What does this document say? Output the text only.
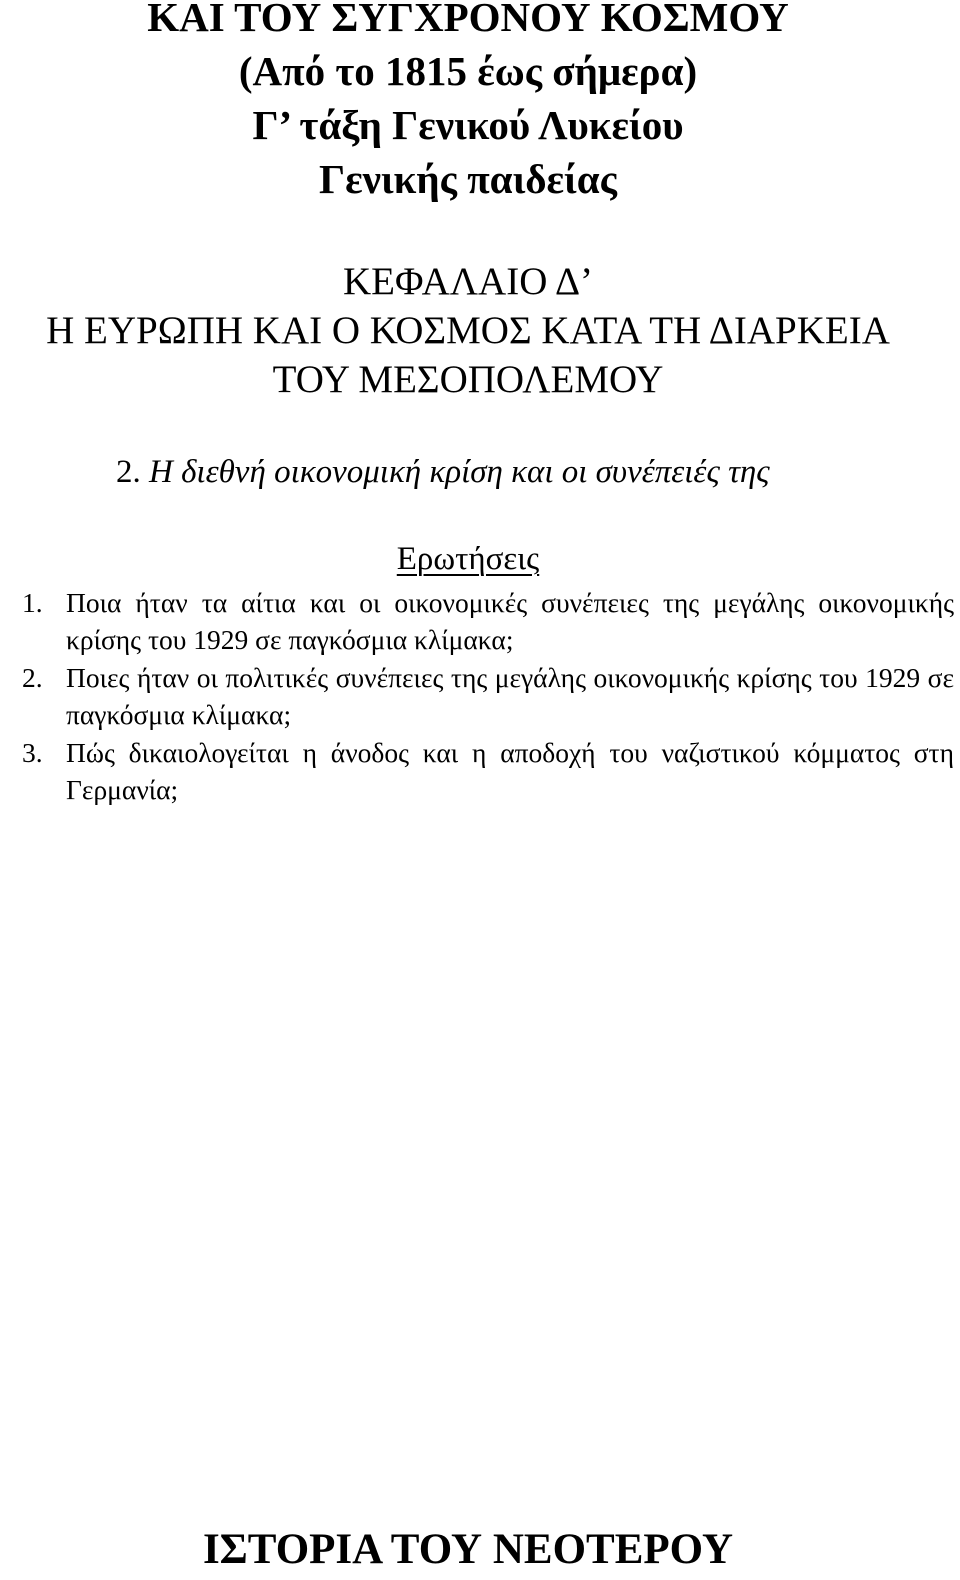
ΚΑΙ ΤΟΥ ΣΥΓΧΡΟΝΟΥ ΚΟΣΜΟΥ
(Από το 1815 έως σήμερα)
Γ’ τάξη Γενικού Λυκείου
Γενικής παιδείας
ΚΕΦΑΛΑΙΟ Δ’
Η ΕΥΡΩΠΗ ΚΑΙ Ο ΚΟΣΜΟΣ ΚΑΤΑ ΤΗ ΔΙΑΡΚΕΙΑ
ΤΟΥ ΜΕΣΟΠΟΛΕΜΟΥ
2. Η διεθνή οικονομική κρίση και οι συνέπειές της
Ερωτήσεις
1. Ποια ήταν τα αίτια και οι οικονομικές συνέπειες της μεγάλης οικονομικής κρίσης του 1929 σε παγκόσμια κλίμακα;
2. Ποιες ήταν οι πολιτικές συνέπειες της μεγάλης οικονομικής κρίσης του 1929 σε παγκόσμια κλίμακα;
3. Πώς δικαιολογείται η άνοδος και η αποδοχή του ναζιστικού κόμματος στη Γερμανία;
ΙΣΤΟΡΙΑ ΤΟΥ ΝΕΟΤΕΡΟΥ
